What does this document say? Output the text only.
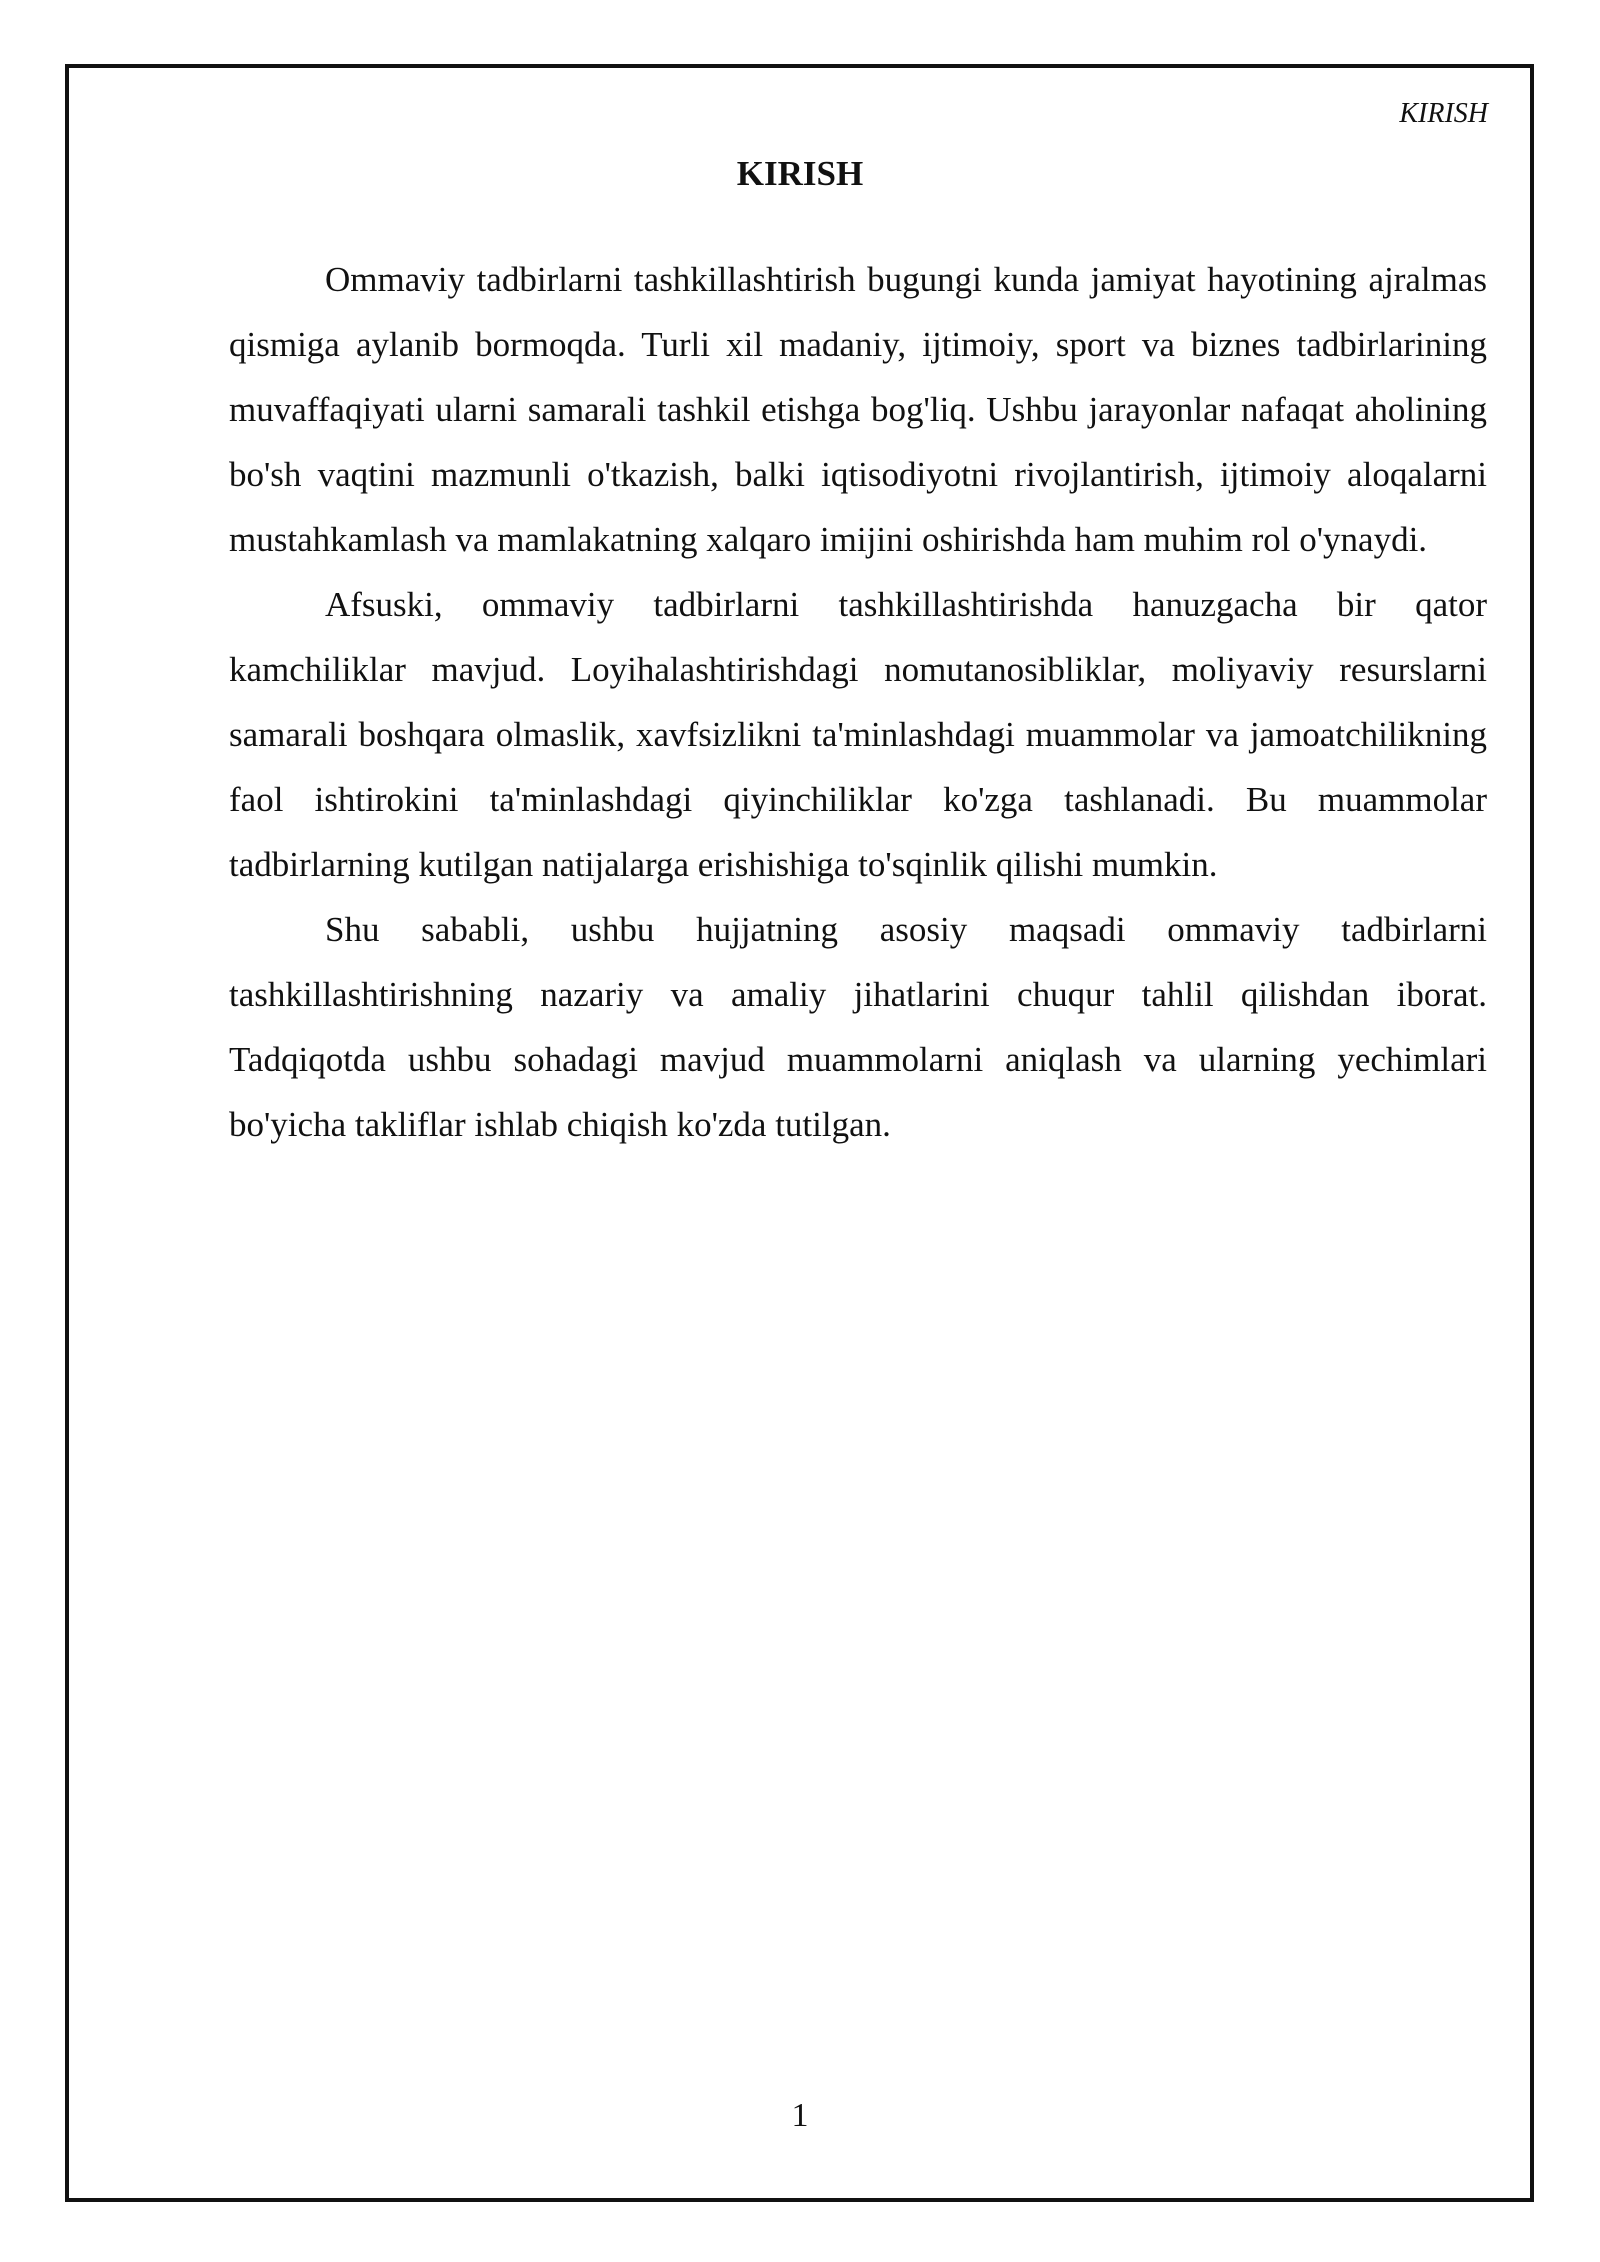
KIRISH
KIRISH

Ommaviy tadbirlarni tashkillashtirish bugungi kunda jamiyat hayotining ajralmas qismiga aylanib bormoqda. Turli xil madaniy, ijtimoiy, sport va biznes tadbirlarining muvaffaqiyati ularni samarali tashkil etishga bog'liq. Ushbu jarayonlar nafaqat aholining bo'sh vaqtini mazmunli o'tkazish, balki iqtisodiyotni rivojlantirish, ijtimoiy aloqalarni mustahkamlash va mamlakatning xalqaro imijini oshirishda ham muhim rol o'ynaydi.

Afsuski, ommaviy tadbirlarni tashkillashtirishda hanuzgacha bir qator kamchiliklar mavjud. Loyihalashtirishdagi nomutanosibliklar, moliyaviy resurslarni samarali boshqara olmaslik, xavfsizlikni ta'minlashdagi muammolar va jamoatchilikning faol ishtirokini ta'minlashdagi qiyinchiliklar ko'zga tashlanadi. Bu muammolar tadbirlarning kutilgan natijalarga erishishiga to'sqinlik qilishi mumkin.

Shu sababli, ushbu hujjatning asosiy maqsadi ommaviy tadbirlarni tashkillashtirishning nazariy va amaliy jihatlarini chuqur tahlil qilishdan iborat. Tadqiqotda ushbu sohadagi mavjud muammolarni aniqlash va ularning yechimlari bo'yicha takliflar ishlab chiqish ko'zda tutilgan.

1
